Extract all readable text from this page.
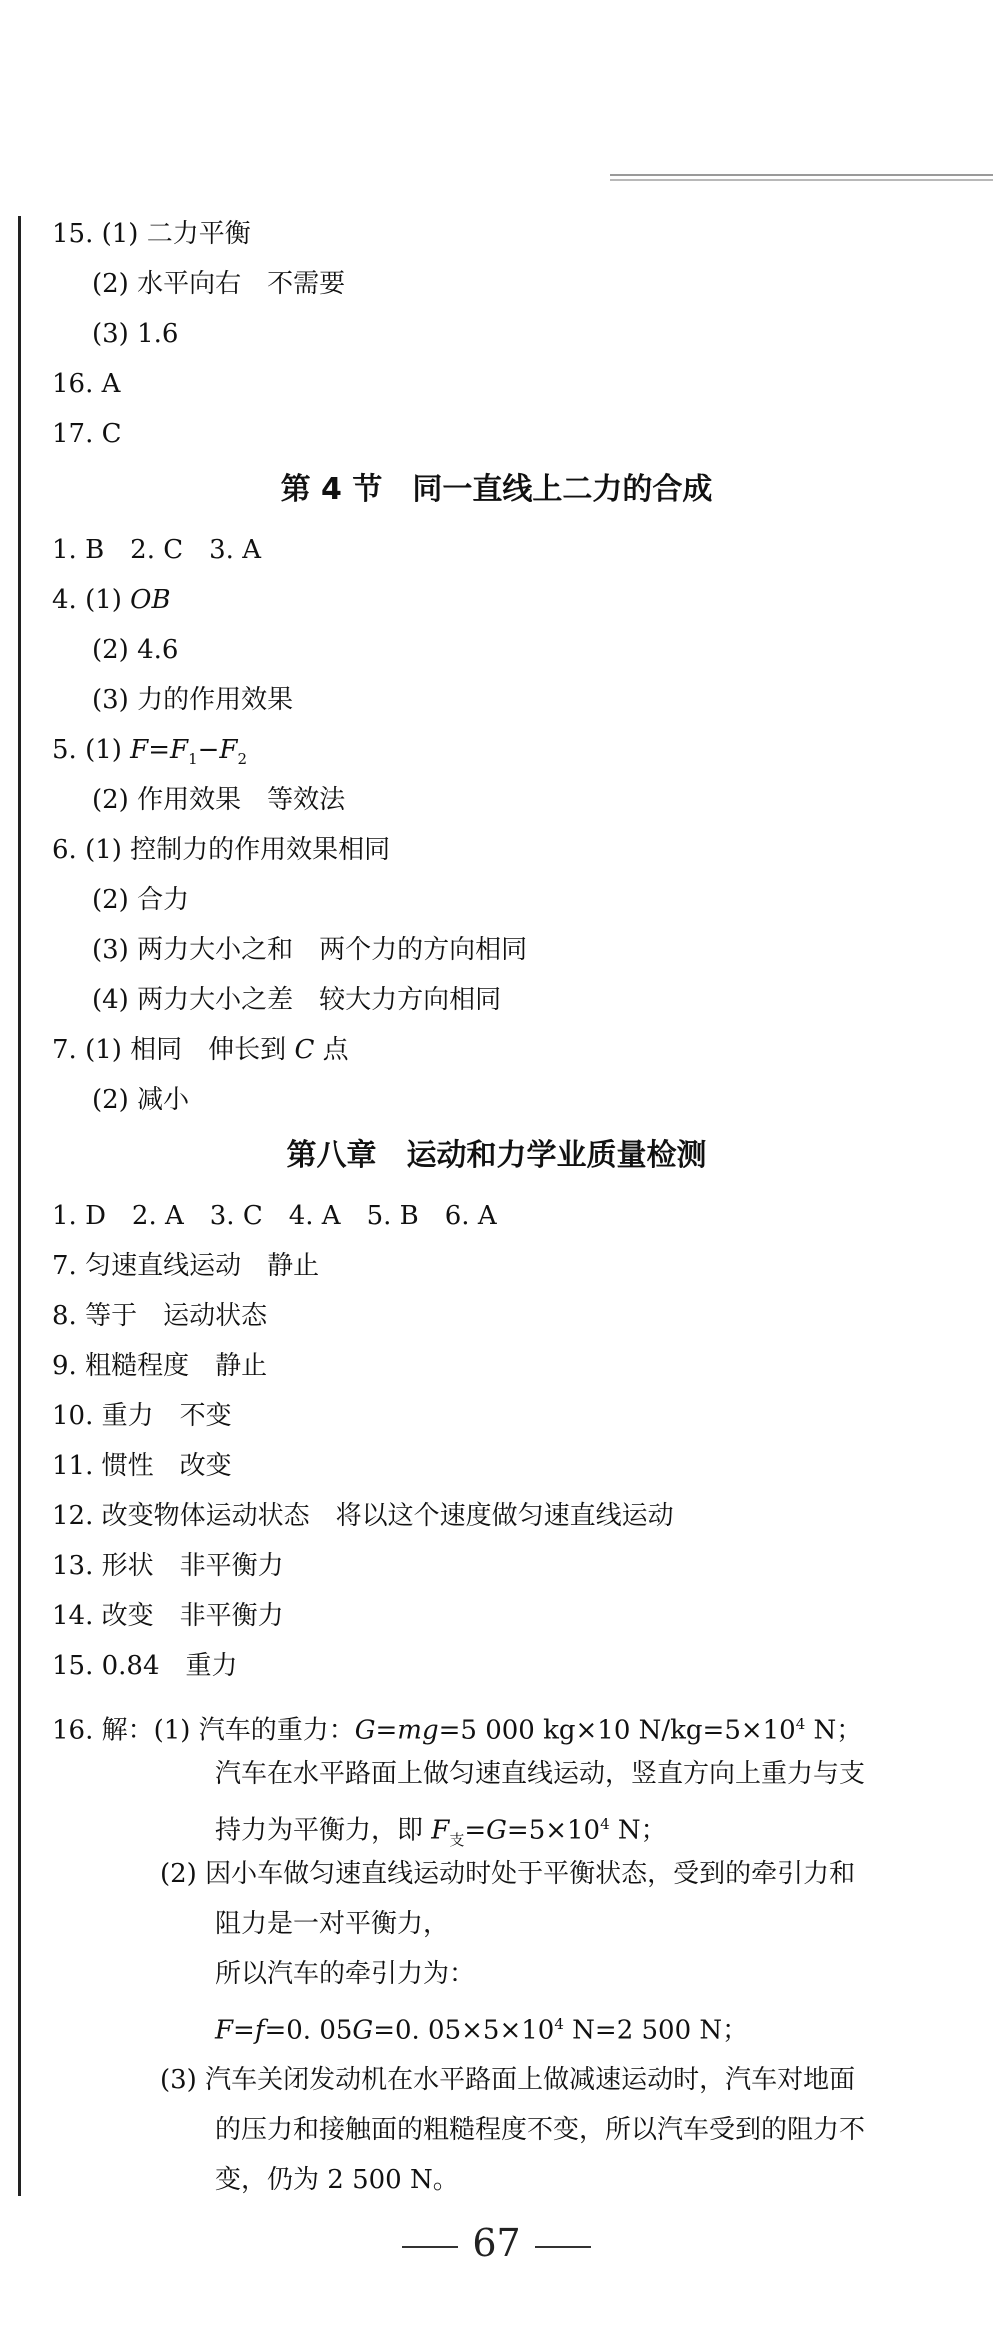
15. (1) 二力平衡
(2) 水平向右　不需要
(3) 1.6
16. A
17. C
第 4 节　同一直线上二力的合成
1. B　2. C　3. A
4. (1) OB
(2) 4.6
(3) 力的作用效果
5. (1) $F=F_1-F_2$
(2) 作用效果　等效法
6. (1) 控制力的作用效果相同
(2) 合力
(3) 两力大小之和　两个力的方向相同
(4) 两力大小之差　较大力方向相同
7. (1) 相同　伸长到 C 点
(2) 减小
第八章　运动和力学业质量检测
1. D　2. A　3. C　4. A　5. B　6. A
7. 匀速直线运动　静止
8. 等于　运动状态
9. 粗糙程度　静止
10. 重力　不变
11. 惯性　改变
12. 改变物体运动状态　将以这个速度做匀速直线运动
13. 形状　非平衡力
14. 改变　非平衡力
15. 0.84　重力
16. 解：(1) 汽车的重力：G=mg=5 000 kg×10 $N/kg=5\times 10^4$ N；
汽车在水平路面上做匀速直线运动，竖直方向上重力与支
持力为平衡力，即 $F_支=G=5\times 10^4$ N；
(2) 因小车做匀速直线运动时处于平衡状态，受到的牵引力和
阻力是一对平衡力，
所以汽车的牵引力为：
F=f=0. 05G=0. $05\times 5\times 10^4$ N=2 500 N；
(3) 汽车关闭发动机在水平路面上做减速运动时，汽车对地面
的压力和接触面的粗糙程度不变，所以汽车受到的阻力不
变，仍为 2 500 N。
67
